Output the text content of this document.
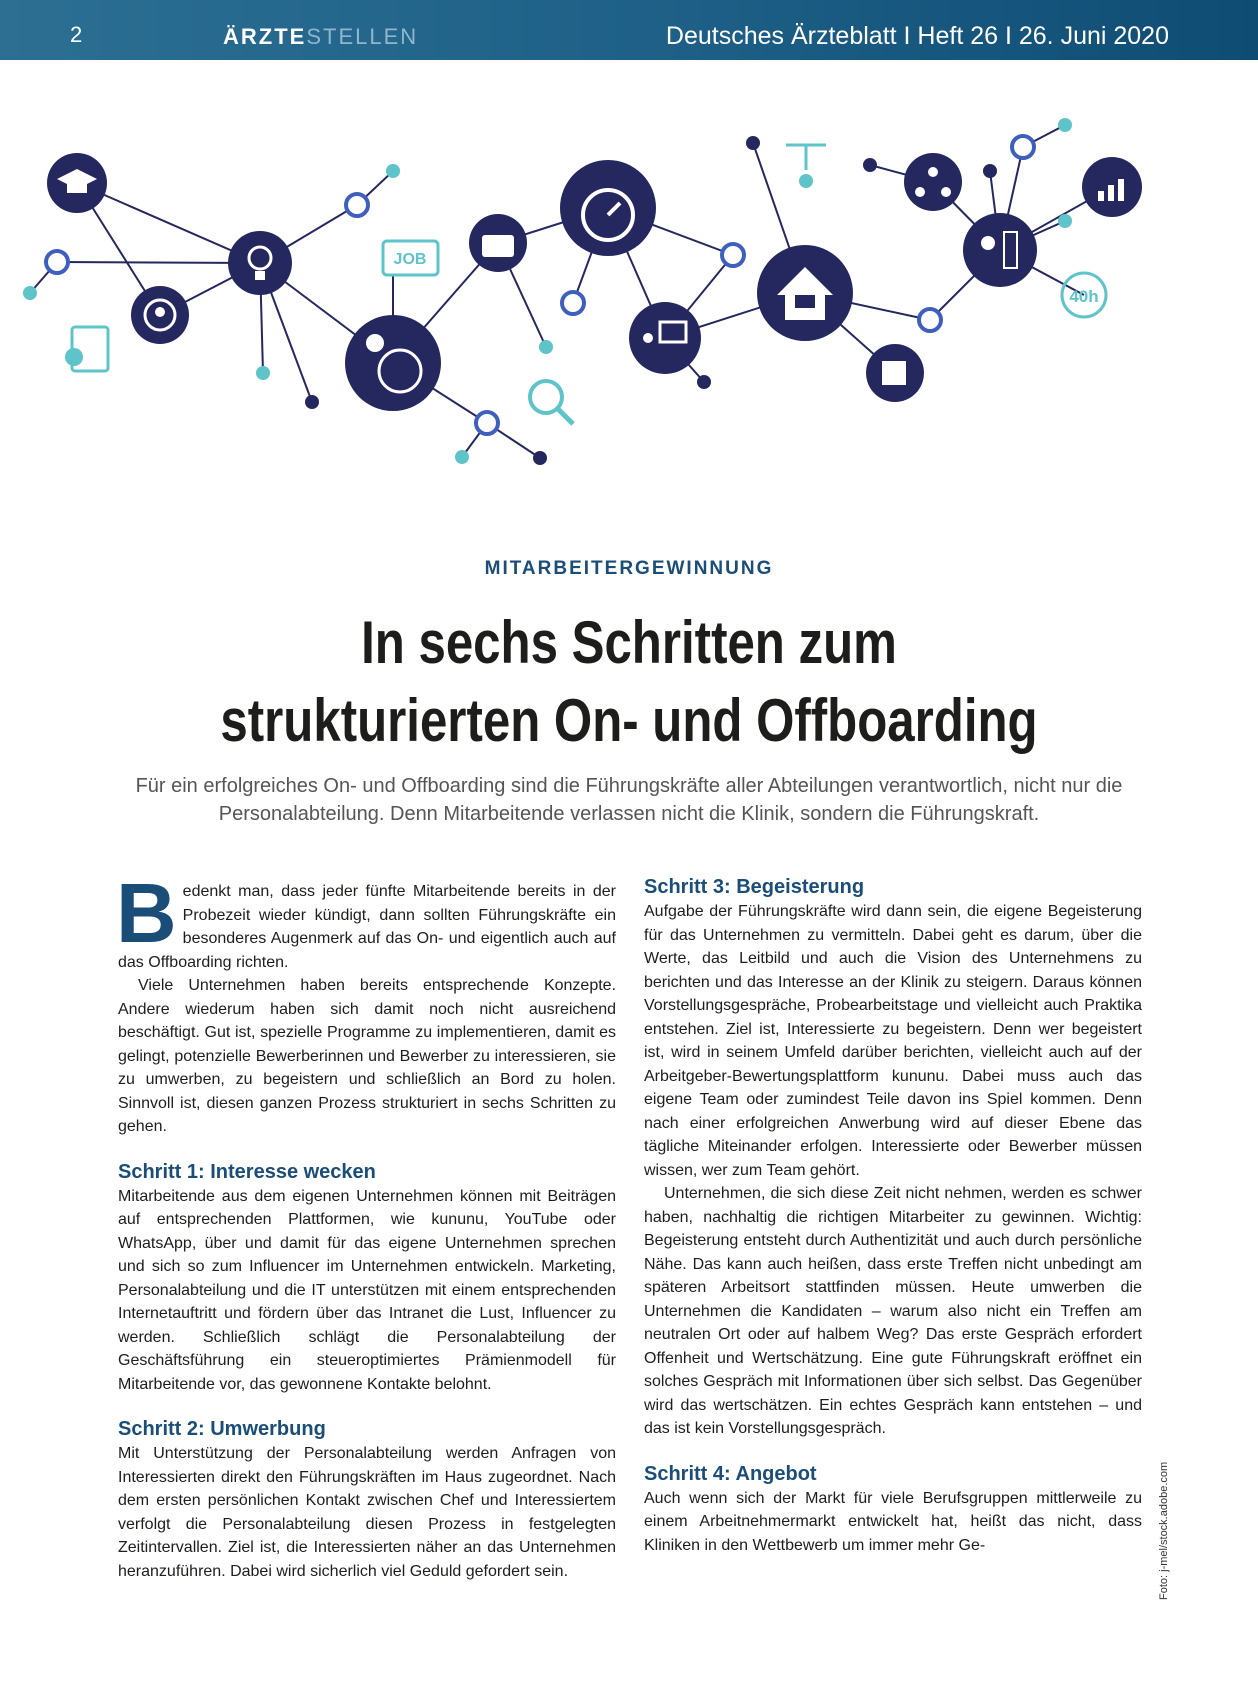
2	ÄRZTESTELLEN	Deutsches Ärzteblatt I Heft 26 I 26. Juni 2020
JOB
40h
MITARBEITERGEWINNUNG
In sechs Schritten zum
strukturierten On- und Offboarding

Für ein erfolgreiches On- und Offboarding sind die Führungskräfte aller Abteilungen verantwortlich, nicht nur die Personalabteilung. Denn Mitarbeitende verlassen nicht die Klinik, sondern die Führungskraft.

Bedenkt man, dass jeder fünfte Mitarbeitende bereits in der Probezeit wieder kündigt, dann sollten Führungskräfte ein besonderes Augenmerk auf das On- und eigentlich auch auf das Offboarding richten.

Viele Unternehmen haben bereits entsprechende Konzepte. Andere wiederum haben sich damit noch nicht ausreichend beschäftigt. Gut ist, spezielle Programme zu implementieren, damit es gelingt, potenzielle Bewerberinnen und Bewerber zu interessieren, sie zu umwerben, zu begeistern und schließlich an Bord zu holen. Sinnvoll ist, diesen ganzen Prozess strukturiert in sechs Schritten zu gehen.

Schritt 1: Interesse wecken

Mitarbeitende aus dem eigenen Unternehmen können mit Beiträgen auf entsprechenden Plattformen, wie kununu, YouTube oder WhatsApp, über und damit für das eigene Unternehmen sprechen und sich so zum Influencer im Unternehmen entwickeln. Marketing, Personalabteilung und die IT unterstützen mit einem entsprechenden Internetauftritt und fördern über das Intranet die Lust, Influencer zu werden. Schließlich schlägt die Personalabteilung der Geschäftsführung ein steueroptimiertes Prämienmodell für Mitarbeitende vor, das gewonnene Kontakte belohnt.

Schritt 2: Umwerbung

Mit Unterstützung der Personalabteilung werden Anfragen von Interessierten direkt den Führungskräften im Haus zugeordnet. Nach dem ersten persönlichen Kontakt zwischen Chef und Interessiertem verfolgt die Personalabteilung diesen Prozess in festgelegten Zeitintervallen. Ziel ist, die Interessierten näher an das Unternehmen heranzuführen. Dabei wird sicherlich viel Geduld gefordert sein.

Schritt 3: Begeisterung

Aufgabe der Führungskräfte wird dann sein, die eigene Begeisterung für das Unternehmen zu vermitteln. Dabei geht es darum, über die Werte, das Leitbild und auch die Vision des Unternehmens zu berichten und das Interesse an der Klinik zu steigern. Daraus können Vorstellungsgespräche, Probearbeitstage und vielleicht auch Praktika entstehen. Ziel ist, Interessierte zu begeistern. Denn wer begeistert ist, wird in seinem Umfeld darüber berichten, vielleicht auch auf der Arbeitgeber-Bewertungsplattform kununu. Dabei muss auch das eigene Team oder zumindest Teile davon ins Spiel kommen. Denn nach einer erfolgreichen Anwerbung wird auf dieser Ebene das tägliche Miteinander erfolgen. Interessierte oder Bewerber müssen wissen, wer zum Team gehört.

Unternehmen, die sich diese Zeit nicht nehmen, werden es schwer haben, nachhaltig die richtigen Mitarbeiter zu gewinnen. Wichtig: Begeisterung entsteht durch Authentizität und auch durch persönliche Nähe. Das kann auch heißen, dass erste Treffen nicht unbedingt am späteren Arbeitsort stattfinden müssen. Heute umwerben die Unternehmen die Kandidaten – warum also nicht ein Treffen am neutralen Ort oder auf halbem Weg? Das erste Gespräch erfordert Offenheit und Wertschätzung. Eine gute Führungskraft eröffnet ein solches Gespräch mit Informationen über sich selbst. Das Gegenüber wird das wertschätzen. Ein echtes Gespräch kann entstehen – und das ist kein Vorstellungsgespräch.

Schritt 4: Angebot

Auch wenn sich der Markt für viele Berufsgruppen mittlerweile zu einem Arbeitnehmermarkt entwickelt hat, heißt das nicht, dass Kliniken in den Wettbewerb um immer mehr Ge-	Foto: j-mel/stock.adobe.com
